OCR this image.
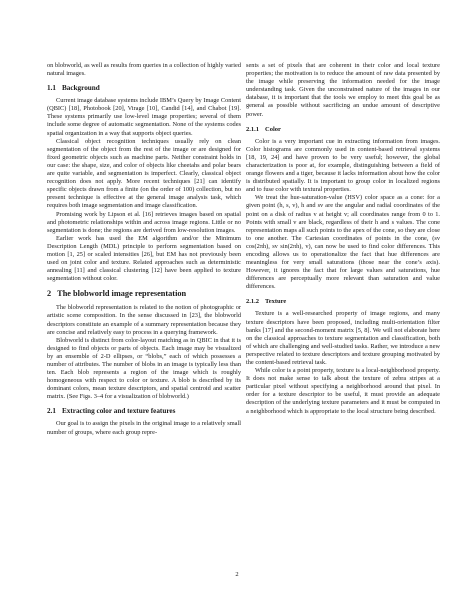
on blobworld, as well as results from queries in a collection of highly varied natural images.

1.1 Background

Current image database systems include IBM’s Query by Image Content (QBIC) [18], Photobook [20], Virage [10], Candid [14], and Chabot [19]. These systems primarily use low-level image properties; several of them include some degree of automatic segmentation. None of the systems codes spatial organization in a way that supports object queries.

Classical object recognition techniques usually rely on clean segmentation of the object from the rest of the image or are designed for fixed geometric objects such as machine parts. Neither constraint holds in our case: the shape, size, and color of objects like cheetahs and polar bears are quite variable, and segmentation is imperfect. Clearly, classical object recognition does not apply. More recent techniques [21] can identify specific objects drawn from a finite (on the order of 100) collection, but no present technique is effective at the general image analysis task, which requires both image segmentation and image classification.

Promising work by Lipson et al. [16] retrieves images based on spatial and photometric relationships within and across image regions. Little or no segmentation is done; the regions are derived from low-resolution images.

Earlier work has used the EM algorithm and/or the Minimum Description Length (MDL) principle to perform segmentation based on motion [1, 25] or scaled intensities [26], but EM has not previously been used on joint color and texture. Related approaches such as deterministic annealing [11] and classical clustering [12] have been applied to texture segmentation without color.

2 The blobworld image representation

The blobworld representation is related to the notion of photographic or artistic scene composition. In the sense discussed in [23], the blobworld descriptors constitute an example of a summary representation because they are concise and relatively easy to process in a querying framework.

Blobworld is distinct from color-layout matching as in QBIC in that it is designed to find objects or parts of objects. Each image may be visualized by an ensemble of 2-D ellipses, or “blobs,” each of which possesses a number of attributes. The number of blobs in an image is typically less than ten. Each blob represents a region of the image which is roughly homogeneous with respect to color or texture. A blob is described by its dominant colors, mean texture descriptors, and spatial centroid and scatter matrix. (See Figs. 3–4 for a visualization of blobworld.)

2.1 Extracting color and texture features

Our goal is to assign the pixels in the original image to a relatively small number of groups, where each group repre-

sents a set of pixels that are coherent in their color and local texture properties; the motivation is to reduce the amount of raw data presented by the image while preserving the information needed for the image understanding task. Given the unconstrained nature of the images in our database, it is important that the tools we employ to meet this goal be as general as possible without sacrificing an undue amount of descriptive power.

2.1.1 Color

Color is a very important cue in extracting information from images. Color histograms are commonly used in content-based retrieval systems [18, 19, 24] and have proven to be very useful; however, the global characterization is poor at, for example, distinguishing between a field of orange flowers and a tiger, because it lacks information about how the color is distributed spatially. It is important to group color in localized regions and to fuse color with textural properties.

We treat the hue-saturation-value (HSV) color space as a cone: for a given point (h, s, v), h and sv are the angular and radial coordinates of the point on a disk of radius v at height v; all coordinates range from 0 to 1. Points with small v are black, regardless of their h and s values. The cone representation maps all such points to the apex of the cone, so they are close to one another. The Cartesian coordinates of points in the cone, (sv cos(2πh), sv sin(2πh), v), can now be used to find color differences. This encoding allows us to operationalize the fact that hue differences are meaningless for very small saturations (those near the cone’s axis). However, it ignores the fact that for large values and saturations, hue differences are perceptually more relevant than saturation and value differences.

2.1.2 Texture

Texture is a well-researched property of image regions, and many texture descriptors have been proposed, including multi-orientation filter banks [17] and the second-moment matrix [5, 8]. We will not elaborate here on the classical approaches to texture segmentation and classification, both of which are challenging and well-studied tasks. Rather, we introduce a new perspective related to texture descriptors and texture grouping motivated by the content-based retrieval task.

While color is a point property, texture is a local-neighborhood property. It does not make sense to talk about the texture of zebra stripes at a particular pixel without specifying a neighborhood around that pixel. In order for a texture descriptor to be useful, it must provide an adequate description of the underlying texture parameters and it must be computed in a neighborhood which is appropriate to the local structure being described.

2
